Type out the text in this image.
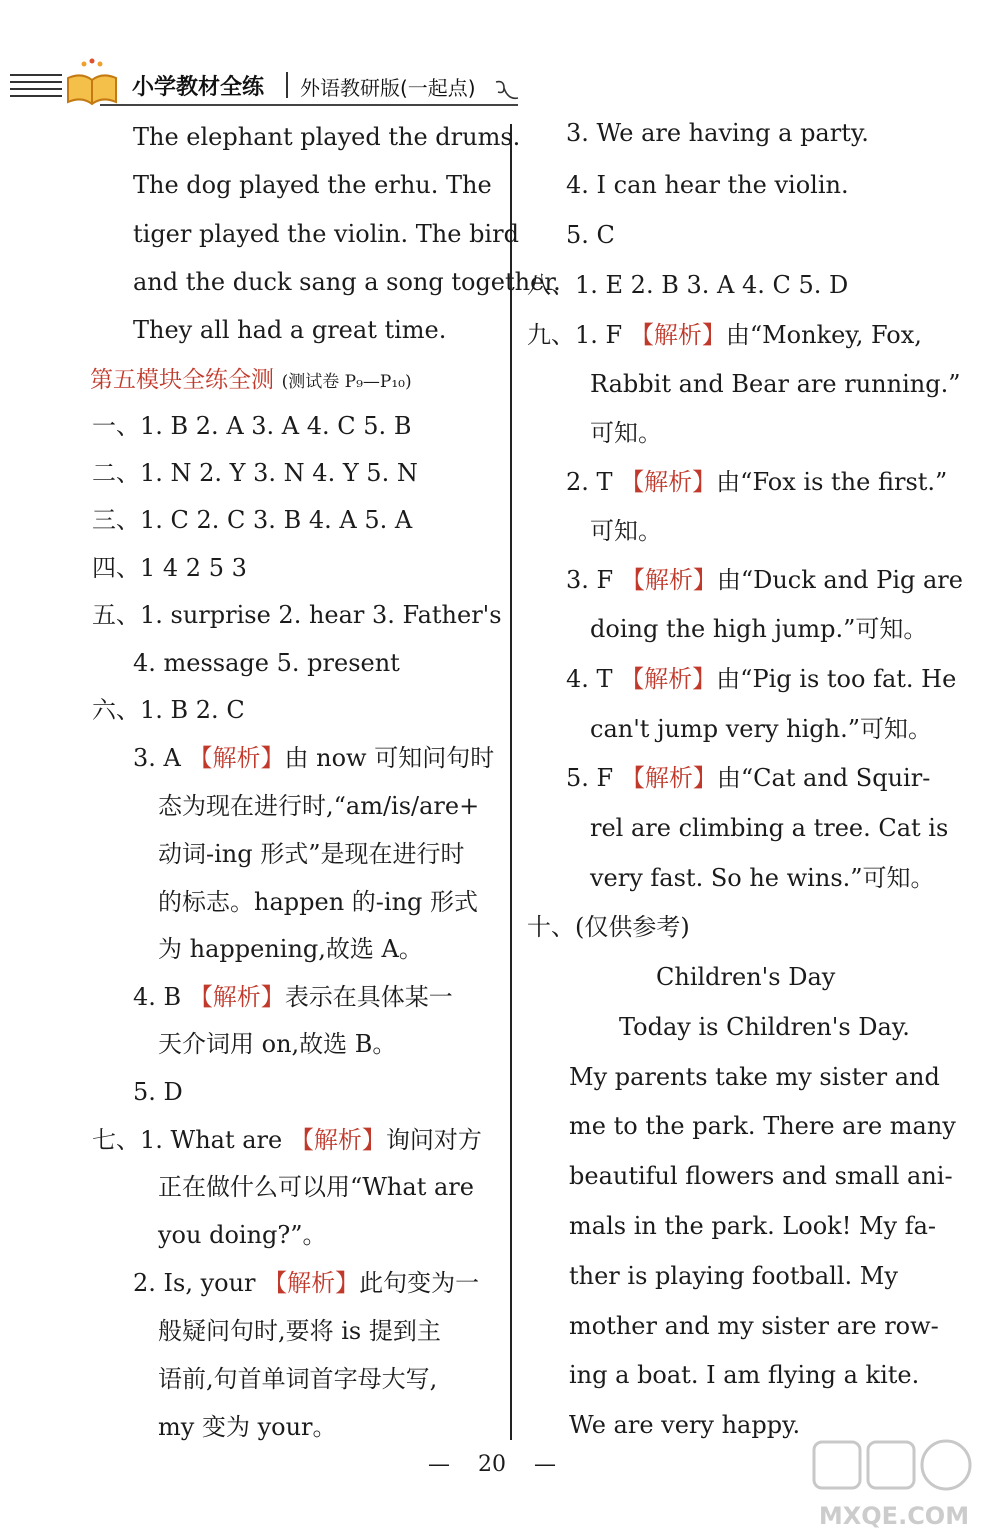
小学教材全练 外语教研版(一起点)
The elephant played the drums.
The dog played the erhu. The
tiger played the violin. The bird
and the duck sang a song together.
They all had a great time.
第五模块全练全测 (测试卷 P₉—P₁₀)
一、1. B 2. A 3. A 4. C 5. B
二、1. N 2. Y 3. N 4. Y 5. N
三、1. C 2. C 3. B 4. A 5. A
四、1 4 2 5 3
五、1. surprise 2. hear 3. Father's
4. message 5. present
六、1. B 2. C
3. A 【解析】由 now 可知问句时
态为现在进行时,“am/is/are+
动词-ing 形式”是现在进行时
的标志。happen 的-ing 形式
为 happening,故选 A。
4. B 【解析】表示在具体某一
天介词用 on,故选 B。
5. D
七、1. What are 【解析】询问对方
正在做什么可以用“What are
you doing?”。
2. Is, your 【解析】此句变为一
般疑问句时,要将 is 提到主
语前,句首单词首字母大写,
my 变为 your。
3. We are having a party.
4. I can hear the violin.
5. C
八、1. E 2. B 3. A 4. C 5. D
九、1. F 【解析】由“Monkey, Fox,
Rabbit and Bear are running.”
可知。
2. T 【解析】由“Fox is the first.”
可知。
3. F 【解析】由“Duck and Pig are
doing the high jump.”可知。
4. T 【解析】由“Pig is too fat. He
can't jump very high.”可知。
5. F 【解析】由“Cat and Squir-
rel are climbing a tree. Cat is
very fast. So he wins.”可知。
十、(仅供参考)
Children's Day
Today is Children's Day.
My parents take my sister and
me to the park. There are many
beautiful flowers and small ani-
mals in the park. Look! My fa-
ther is playing football. My
mother and my sister are row-
ing a boat. I am flying a kite.
We are very happy.
— 20 —
MXQE.COM
